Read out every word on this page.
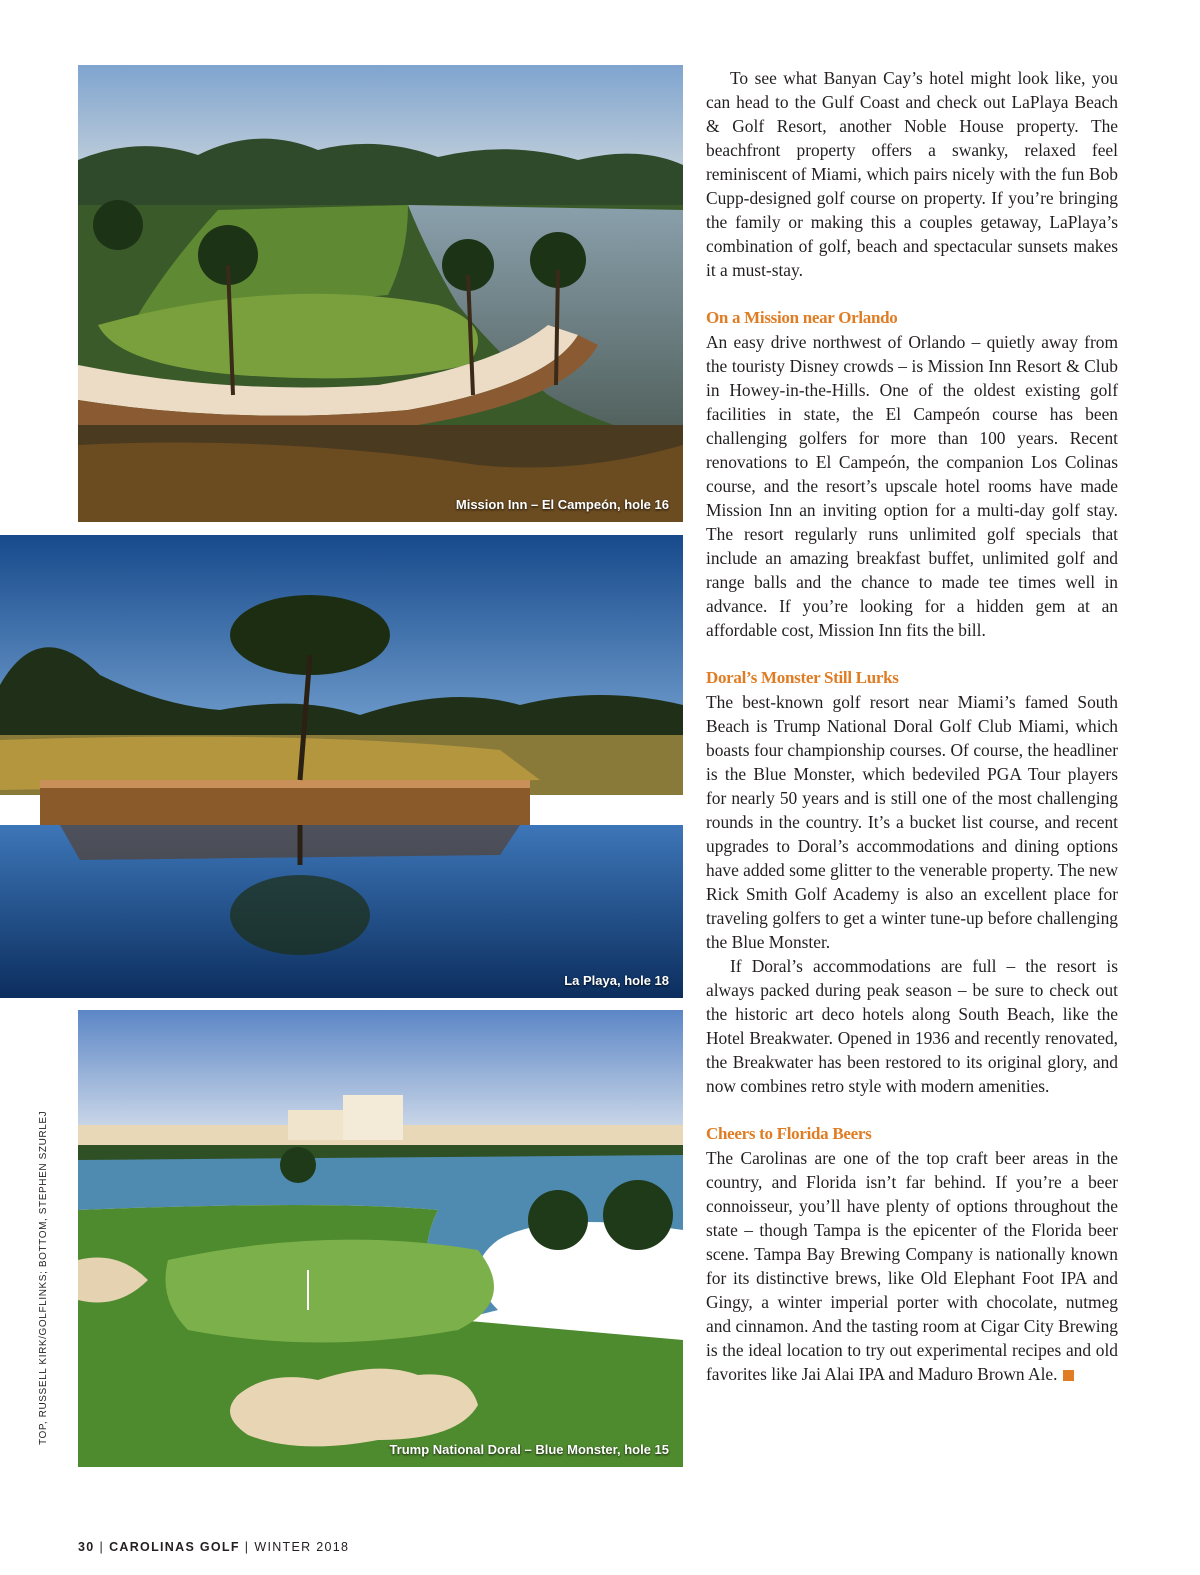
Mission Inn – El Campeón, hole 16
La Playa, hole 18
Trump National Doral – Blue Monster, hole 15
TOP, RUSSELL KIRK/GOLFLINKS; BOTTOM, STEPHEN SZURLEJ

To see what Banyan Cay’s hotel might look like, you can head to the Gulf Coast and check out LaPlaya Beach & Golf Resort, another Noble House property. The beachfront property offers a swanky, relaxed feel reminiscent of Miami, which pairs nicely with the fun Bob Cupp-designed golf course on property. If you’re bringing the family or making this a couples getaway, LaPlaya’s combination of golf, beach and spectacular sunsets makes it a must-stay.

On a Mission near Orlando

An easy drive northwest of Orlando – quietly away from the touristy Disney crowds – is Mission Inn Resort & Club in Howey-in-the-Hills. One of the oldest existing golf facilities in state, the El Campeón course has been challenging golfers for more than 100 years. Recent renovations to El Campeón, the companion Los Colinas course, and the resort’s upscale hotel rooms have made Mission Inn an inviting option for a multi-day golf stay. The resort regularly runs unlimited golf specials that include an amazing breakfast buffet, unlimited golf and range balls and the chance to made tee times well in advance. If you’re looking for a hidden gem at an affordable cost, Mission Inn fits the bill.

Doral’s Monster Still Lurks

The best-known golf resort near Miami’s famed South Beach is Trump National Doral Golf Club Miami, which boasts four championship courses. Of course, the headliner is the Blue Monster, which bedeviled PGA Tour players for nearly 50 years and is still one of the most challenging rounds in the country. It’s a bucket list course, and recent upgrades to Doral’s accommodations and dining options have added some glitter to the venerable property. The new Rick Smith Golf Academy is also an excellent place for traveling golfers to get a winter tune-up before challenging the Blue Monster.

If Doral’s accommodations are full – the resort is always packed during peak season – be sure to check out the historic art deco hotels along South Beach, like the Hotel Breakwater. Opened in 1936 and recently renovated, the Breakwater has been restored to its original glory, and now combines retro style with modern amenities.

Cheers to Florida Beers

The Carolinas are one of the top craft beer areas in the country, and Florida isn’t far behind. If you’re a beer connoisseur, you’ll have plenty of options throughout the state – though Tampa is the epicenter of the Florida beer scene. Tampa Bay Brewing Company is nationally known for its distinctive brews, like Old Elephant Foot IPA and Gingy, a winter imperial porter with chocolate, nutmeg and cinnamon. And the tasting room at Cigar City Brewing is the ideal location to try out experimental recipes and old favorites like Jai Alai IPA and Maduro Brown Ale.

30 | CAROLINAS GOLF | WINTER 2018
